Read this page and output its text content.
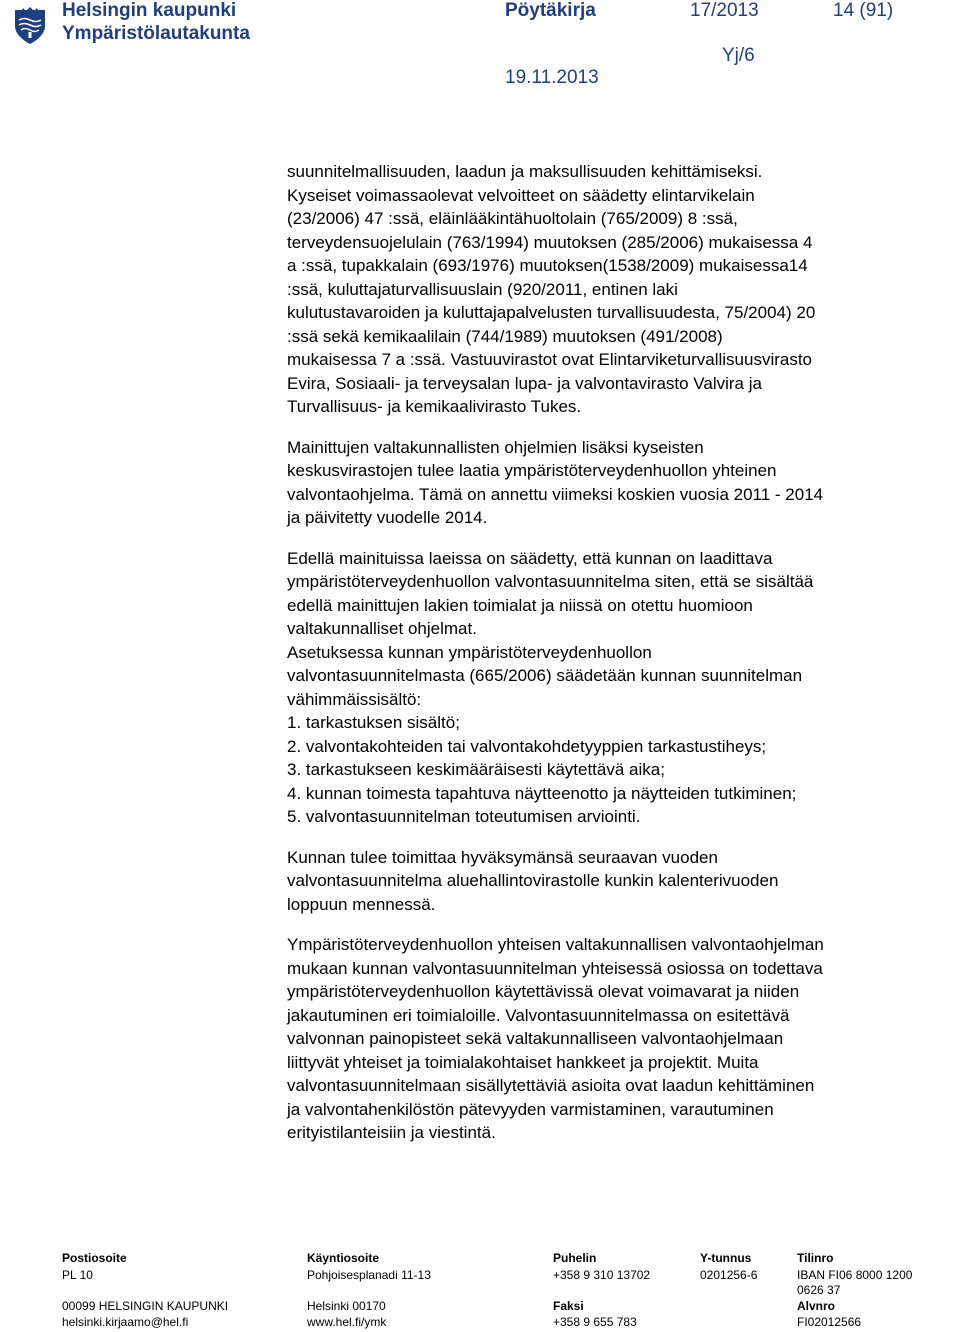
Helsingin kaupunki
Ympäristölautakunta
Pöytäkirja	17/2013	14 (91)
Yj/6
19.11.2013

suunnitelmallisuuden, laadun ja maksullisuuden kehittämiseksi.
Kyseiset voimassaolevat velvoitteet on säädetty elintarvikelain
(23/2006) 47 :ssä, eläinlääkintähuoltolain (765/2009) 8 :ssä,
terveydensuojelulain (763/1994) muutoksen (285/2006) mukaisessa 4
a :ssä, tupakkalain (693/1976) muutoksen(1538/2009) mukaisessa14
:ssä, kuluttajaturvallisuuslain (920/2011, entinen laki
kulutustavaroiden ja kuluttajapalvelusten turvallisuudesta, 75/2004) 20
:ssä sekä kemikaalilain (744/1989) muutoksen (491/2008)
mukaisessa 7 a :ssä. Vastuuvirastot ovat Elintarviketurvallisuusvirasto
Evira, Sosiaali- ja terveysalan lupa- ja valvontavirasto Valvira ja
Turvallisuus- ja kemikaalivirasto Tukes.

Mainittujen valtakunnallisten ohjelmien lisäksi kyseisten
keskusvirastojen tulee laatia ympäristöterveydenhuollon yhteinen
valvontaohjelma. Tämä on annettu viimeksi koskien vuosia 2011 - 2014
ja päivitetty vuodelle 2014.

Edellä mainituissa laeissa on säädetty, että kunnan on laadittava
ympäristöterveydenhuollon valvontasuunnitelma siten, että se sisältää
edellä mainittujen lakien toimialat ja niissä on otettu huomioon
valtakunnalliset ohjelmat.
Asetuksessa kunnan ympäristöterveydenhuollon
valvontasuunnitelmasta (665/2006) säädetään kunnan suunnitelman
vähimmäissisältö:
1. tarkastuksen sisältö;
2. valvontakohteiden tai valvontakohdetyyppien tarkastustiheys;
3. tarkastukseen keskimääräisesti käytettävä aika;
4. kunnan toimesta tapahtuva näytteenotto ja näytteiden tutkiminen;
5. valvontasuunnitelman toteutumisen arviointi.

Kunnan tulee toimittaa hyväksymänsä seuraavan vuoden
valvontasuunnitelma aluehallintovirastolle kunkin kalenterivuoden
loppuun mennessä.

Ympäristöterveydenhuollon yhteisen valtakunnallisen valvontaohjelman
mukaan kunnan valvontasuunnitelman yhteisessä osiossa on todettava
ympäristöterveydenhuollon käytettävissä olevat voimavarat ja niiden
jakautuminen eri toimialoille. Valvontasuunnitelmassa on esitettävä
valvonnan painopisteet sekä valtakunnalliseen valvontaohjelmaan
liittyvät yhteiset ja toimialakohtaiset hankkeet ja projektit. Muita
valvontasuunnitelmaan sisällytettäviä asioita ovat laadun kehittäminen
ja valvontahenkilöstön pätevyyden varmistaminen, varautuminen
erityistilanteisiin ja viestintä.

Postiosoite
PL 10
00099 HELSINGIN KAUPUNKI
helsinki.kirjaamo@hel.fi
Käyntiosoite
Pohjoisesplanadi 11-13
Helsinki 00170
www.hel.fi/ymk
Puhelin
+358 9 310 13702
Faksi
+358 9 655 783
Y-tunnus
0201256-6
Tilinro
IBAN FI06 8000 1200
0626 37
Alvnro
FI02012566
